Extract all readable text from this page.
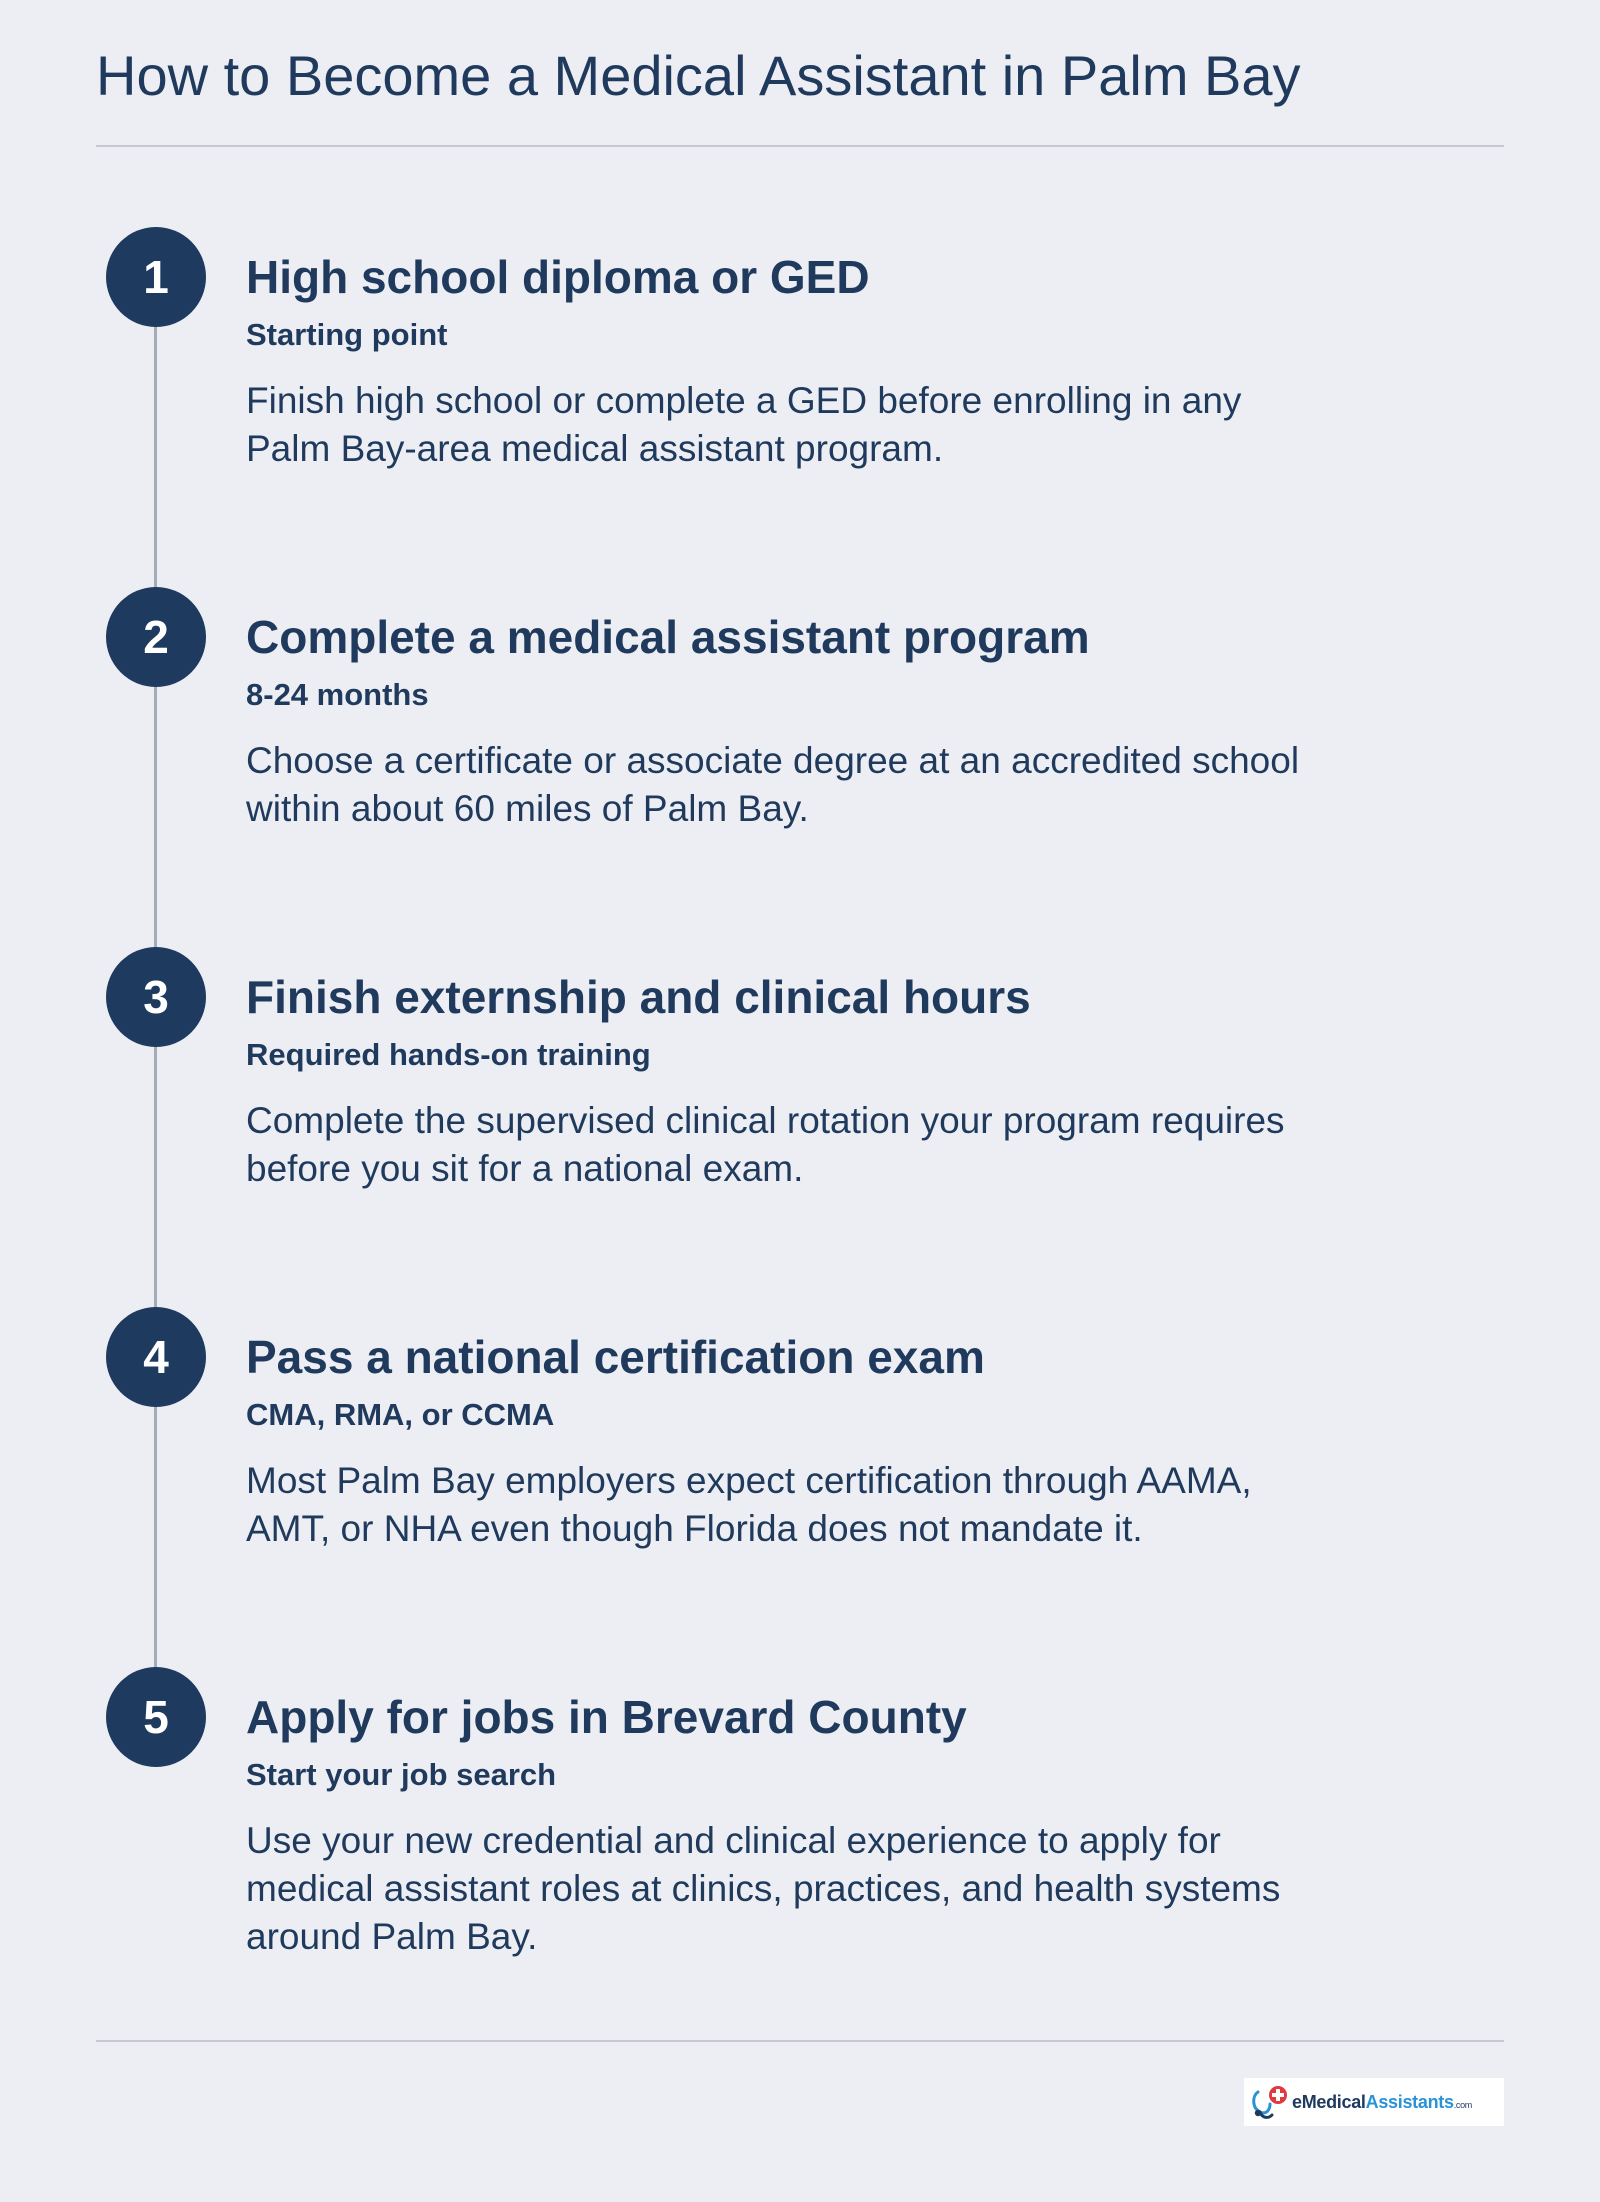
How to Become a Medical Assistant in Palm Bay
1	High school diploma or GED
Starting point
Finish high school or complete a GED before enrolling in any Palm Bay-area medical assistant program.
2	Complete a medical assistant program
8-24 months
Choose a certificate or associate degree at an accredited school within about 60 miles of Palm Bay.
3	Finish externship and clinical hours
Required hands-on training
Complete the supervised clinical rotation your program requires before you sit for a national exam.
4	Pass a national certification exam
CMA, RMA, or CCMA
Most Palm Bay employers expect certification through AAMA, AMT, or NHA even though Florida does not mandate it.
5	Apply for jobs in Brevard County
Start your job search
Use your new credential and clinical experience to apply for medical assistant roles at clinics, practices, and health systems around Palm Bay.
eMedical Assistants .com
